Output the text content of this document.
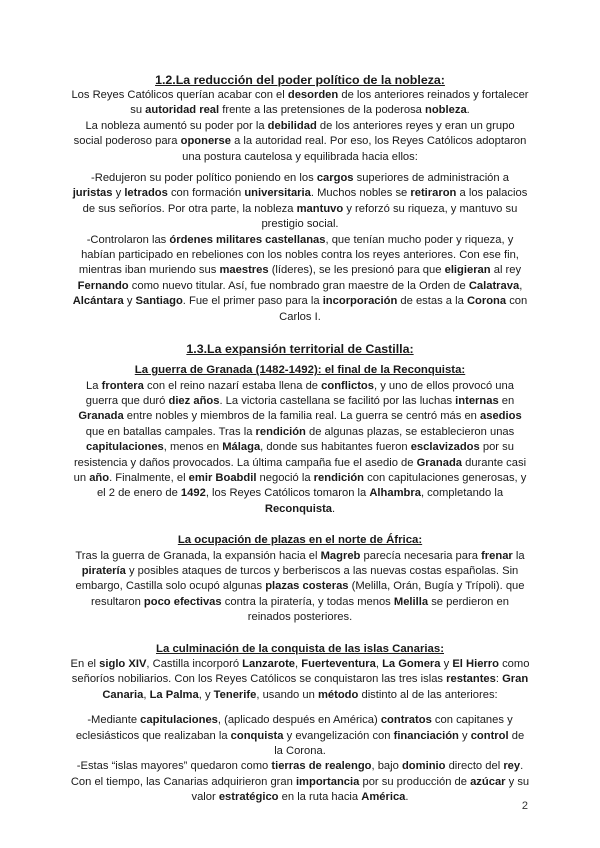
1.2.La reducción del poder político de la nobleza:

Los Reyes Católicos querían acabar con el desorden de los anteriores reinados y fortalecer su autoridad real frente a las pretensiones de la poderosa nobleza.

La nobleza aumentó su poder por la debilidad de los anteriores reyes y eran un grupo social poderoso para oponerse a la autoridad real. Por eso, los Reyes Católicos adoptaron una postura cautelosa y equilibrada hacia ellos:

-Redujeron su poder político poniendo en los cargos superiores de administración a juristas y letrados con formación universitaria. Muchos nobles se retiraron a los palacios de sus señoríos. Por otra parte, la nobleza mantuvo y reforzó su riqueza, y mantuvo su prestigio social.

-Controlaron las órdenes militares castellanas, que tenían mucho poder y riqueza, y habían participado en rebeliones con los nobles contra los reyes anteriores. Con ese fin, mientras iban muriendo sus maestres (líderes), se les presionó para que eligieran al rey Fernando como nuevo titular. Así, fue nombrado gran maestre de la Orden de Calatrava, Alcántara y Santiago. Fue el primer paso para la incorporación de estas a la Corona con Carlos I.

1.3.La expansión territorial de Castilla:
La guerra de Granada (1482-1492): el final de la Reconquista:

La frontera con el reino nazarí estaba llena de conflictos, y uno de ellos provocó una guerra que duró diez años. La victoria castellana se facilitó por las luchas internas en Granada entre nobles y miembros de la familia real. La guerra se centró más en asedios que en batallas campales. Tras la rendición de algunas plazas, se establecieron unas capitulaciones, menos en Málaga, donde sus habitantes fueron esclavizados por su resistencia y daños provocados. La última campaña fue el asedio de Granada durante casi un año. Finalmente, el emir Boabdil negoció la rendición con capitulaciones generosas, y el 2 de enero de 1492, los Reyes Católicos tomaron la Alhambra, completando la Reconquista.

La ocupación de plazas en el norte de África:

Tras la guerra de Granada, la expansión hacia el Magreb parecía necesaria para frenar la piratería y posibles ataques de turcos y berberiscos a las nuevas costas españolas. Sin embargo, Castilla solo ocupó algunas plazas costeras (Melilla, Orán, Bugía y Trípoli). que resultaron poco efectivas contra la piratería, y todas menos Melilla se perdieron en reinados posteriores.

La culminación de la conquista de las islas Canarias:

En el siglo XIV, Castilla incorporó Lanzarote, Fuerteventura, La Gomera y El Hierro como señoríos nobiliarios. Con los Reyes Católicos se conquistaron las tres islas restantes: Gran Canaria, La Palma, y Tenerife, usando un método distinto al de las anteriores:

-Mediante capitulaciones, (aplicado después en América) contratos con capitanes y eclesiásticos que realizaban la conquista y evangelización con financiación y control de la Corona.

-Estas “islas mayores” quedaron como tierras de realengo, bajo dominio directo del rey. Con el tiempo, las Canarias adquirieron gran importancia por su producción de azúcar y su valor estratégico en la ruta hacia América.

2
